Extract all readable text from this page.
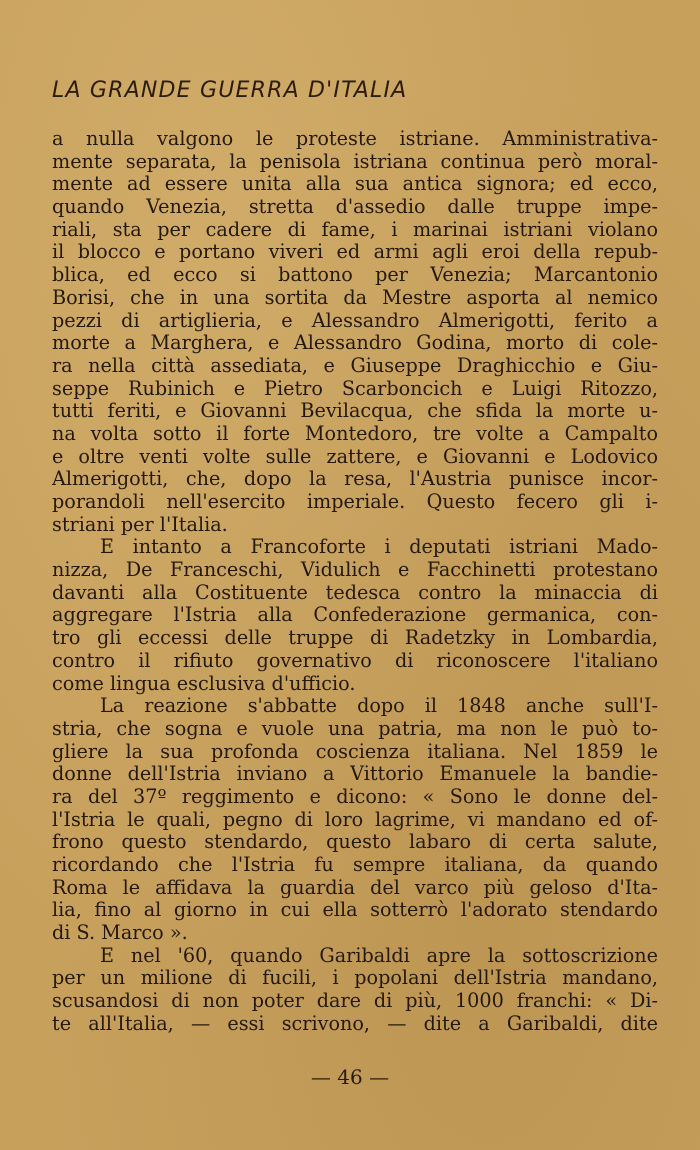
LA GRANDE GUERRA D'ITALIA
a nulla valgono le proteste istriane. Amministrativa-
mente separata, la penisola istriana continua però moral-
mente ad essere unita alla sua antica signora; ed ecco,
quando Venezia, stretta d'assedio dalle truppe impe-
riali, sta per cadere di fame, i marinai istriani violano
il blocco e portano viveri ed armi agli eroi della repub-
blica, ed ecco si battono per Venezia; Marcantonio
Borisi, che in una sortita da Mestre asporta al nemico
pezzi di artiglieria, e Alessandro Almerigotti, ferito a
morte a Marghera, e Alessandro Godina, morto di cole-
ra nella città assediata, e Giuseppe Draghicchio e Giu-
seppe Rubinich e Pietro Scarboncich e Luigi Ritozzo,
tutti feriti, e Giovanni Bevilacqua, che sfida la morte u-
na volta sotto il forte Montedoro, tre volte a Campalto
e oltre venti volte sulle zattere, e Giovanni e Lodovico
Almerigotti, che, dopo la resa, l'Austria punisce incor-
porandoli nell'esercito imperiale. Questo fecero gli i-
striani per l'Italia.
E intanto a Francoforte i deputati istriani Mado-
nizza, De Franceschi, Vidulich e Facchinetti protestano
davanti alla Costituente tedesca contro la minaccia di
aggregare l'Istria alla Confederazione germanica, con-
tro gli eccessi delle truppe di Radetzky in Lombardia,
contro il rifiuto governativo di riconoscere l'italiano
come lingua esclusiva d'ufficio.
La reazione s'abbatte dopo il 1848 anche sull'I-
stria, che sogna e vuole una patria, ma non le può to-
gliere la sua profonda coscienza italiana. Nel 1859 le
donne dell'Istria inviano a Vittorio Emanuele la bandie-
ra del 37º reggimento e dicono: « Sono le donne del-
l'Istria le quali, pegno di loro lagrime, vi mandano ed of-
frono questo stendardo, questo labaro di certa salute,
ricordando che l'Istria fu sempre italiana, da quando
Roma le affidava la guardia del varco più geloso d'Ita-
lia, fino al giorno in cui ella sotterrò l'adorato stendardo
di S. Marco ».
E nel '60, quando Garibaldi apre la sottoscrizione
per un milione di fucili, i popolani dell'Istria mandano,
scusandosi di non poter dare di più, 1000 franchi: « Di-
te all'Italia, — essi scrivono, — dite a Garibaldi, dite
— 46 —
